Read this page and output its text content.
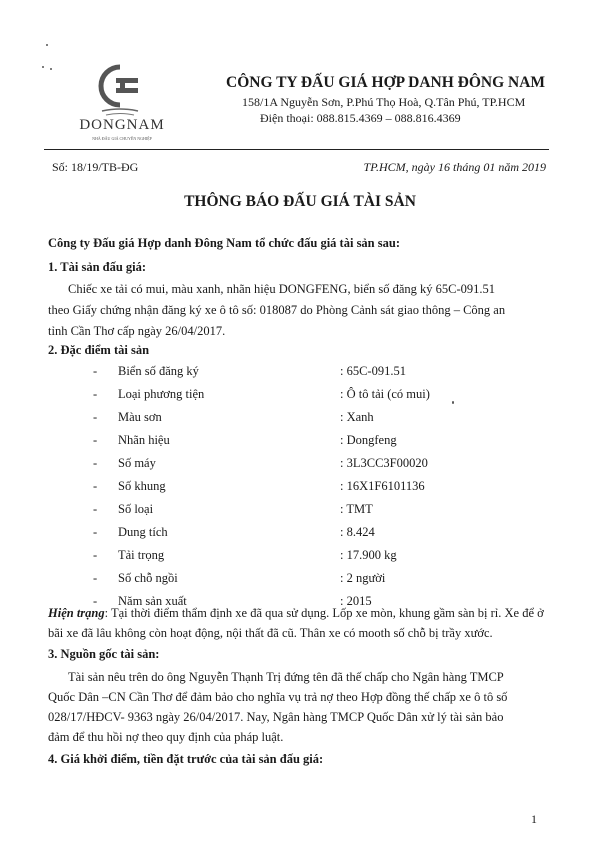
DONGNAM
NHÀ ĐẤU GIÁ CHUYÊN NGHIỆP
CÔNG TY ĐẤU GIÁ HỢP DANH ĐÔNG NAM
158/1A Nguyễn Sơn, P.Phú Thọ Hoà, Q.Tân Phú, TP.HCM
Điện thoại: 088.815.4369 – 088.816.4369
Số: 18/19/TB-ĐG	TP.HCM, ngày 16 tháng 01 năm 2019
THÔNG BÁO ĐẤU GIÁ TÀI SẢN
Công ty Đấu giá Hợp danh Đông Nam tổ chức đấu giá tài sản sau:
1. Tài sản đấu giá:
Chiếc xe tải có mui, màu xanh, nhãn hiệu DONGFENG, biển số đăng ký 65C-091.51
theo Giấy chứng nhận đăng ký xe ô tô số: 018087 do Phòng Cảnh sát giao thông – Công an
tỉnh Cần Thơ cấp ngày 26/04/2017.
2. Đặc điểm tài sản
- Biển số đăng ký	: 65C-091.51
- Loại phương tiện	: Ô tô tải (có mui)
- Màu sơn	: Xanh
- Nhãn hiệu	: Dongfeng
- Số máy	: 3L3CC3F00020
- Số khung	: 16X1F6101136
- Số loại	: TMT
- Dung tích	: 8.424
- Tải trọng	: 17.900 kg
- Số chỗ ngồi	: 2 người
- Năm sản xuất	: 2015
Hiện trạng: Tại thời điểm thẩm định xe đã qua sử dụng. Lốp xe mòn, khung gầm sàn bị rỉ. Xe để ở
bãi xe đã lâu không còn hoạt động, nội thất đã cũ. Thân xe có mooth số chỗ bị trầy xước.
3. Nguồn gốc tài sản:
Tài sản nêu trên do ông Nguyễn Thạnh Trị đứng tên đã thế chấp cho Ngân hàng TMCP
Quốc Dân –CN Cần Thơ để đảm bảo cho nghĩa vụ trả nợ theo Hợp đồng thế chấp xe ô tô số
028/17/HĐCV- 9363 ngày 26/04/2017. Nay, Ngân hàng TMCP Quốc Dân xử lý tài sản bảo
đảm để thu hồi nợ theo quy định của pháp luật.
4. Giá khởi điểm, tiền đặt trước của tài sản đấu giá:
1
